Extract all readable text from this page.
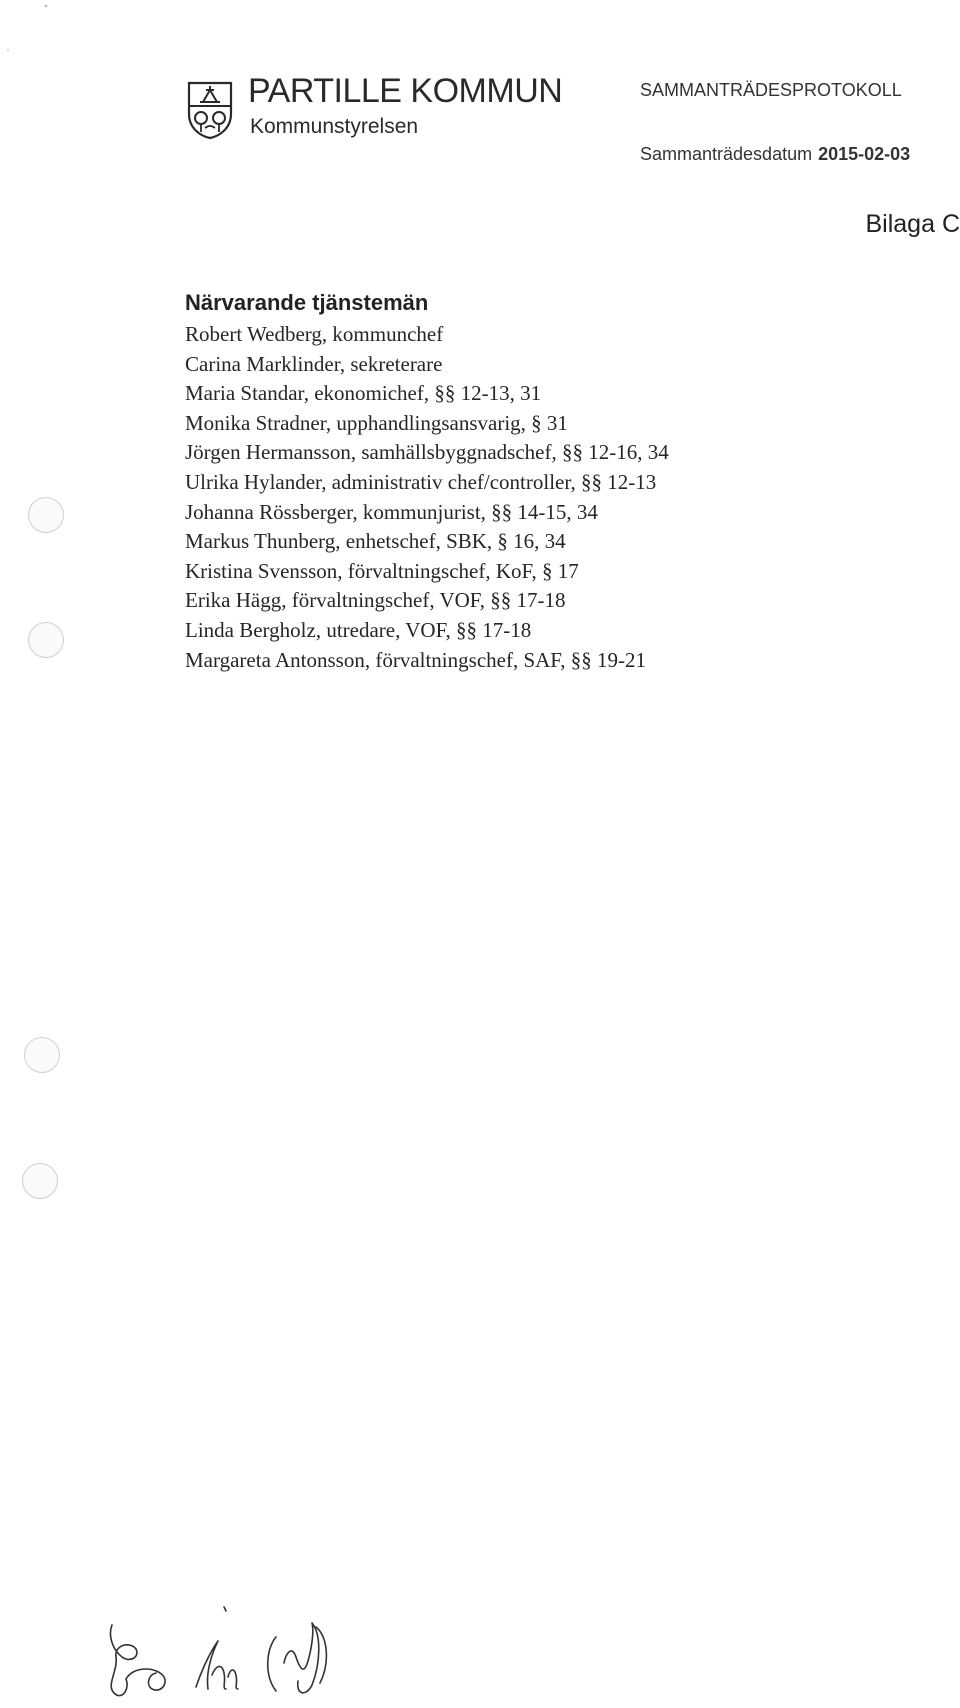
PARTILLE KOMMUN
Kommunstyrelsen
SAMMANTRÄDESPROTOKOLL
Sammanträdesdatum 2015-02-03
Bilaga C
Närvarande tjänstemän
Robert Wedberg, kommunchef
Carina Marklinder, sekreterare
Maria Standar, ekonomichef, §§ 12-13, 31
Monika Stradner, upphandlingsansvarig, § 31
Jörgen Hermansson, samhällsbyggnadschef, §§ 12-16, 34
Ulrika Hylander, administrativ chef/controller, §§ 12-13
Johanna Rössberger, kommunjurist, §§ 14-15, 34
Markus Thunberg, enhetschef, SBK, § 16, 34
Kristina Svensson, förvaltningschef, KoF, § 17
Erika Hägg, förvaltningschef, VOF, §§ 17-18
Linda Bergholz, utredare, VOF, §§ 17-18
Margareta Antonsson, förvaltningschef, SAF, §§ 19-21
